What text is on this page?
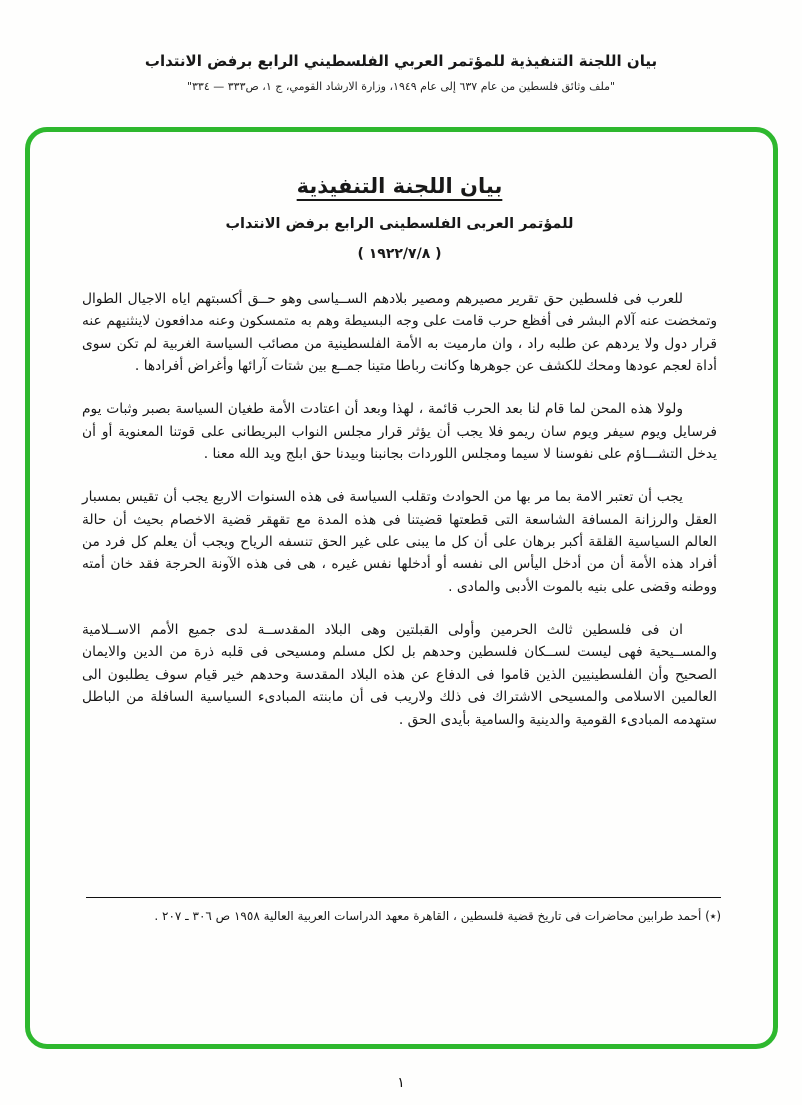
بيان اللجنة التنفيذية للمؤتمر العربي الفلسطيني الرابع برفض الانتداب
"ملف وثائق فلسطين من عام ٦٣٧ إلى عام ١٩٤٩، وزارة الارشاد القومي، ج ١، ص٣٣٣ — ٣٣٤"
بيان اللجنة التنفيذية
للمؤتمر العربى الفلسطينى الرابع برفض الانتداب
( ١٩٢٢/٧/٨ )

للعرب فى فلسطين حق تقرير مصيرهم ومصير بلادهم الســياسى وهو حــق أكسبتهم اياه الاجيال الطوال وتمخضت عنه آلام البشر فى أفظع حرب قامت على وجه البسيطة وهم به متمسكون وعنه مدافعون لاينثنيهم عنه قرار دول ولا يردهم عن طلبه راد ، وان مارميت به الأمة الفلسطينية من مصائب السياسة الغربية لم تكن سوى أداة لعجم عودها ومحك للكشف عن جوهرها وكانت رباطا متينا جمــع بين شتات آرائها وأغراض أفرادها .

ولولا هذه المحن لما قام لنا بعد الحرب قائمة ، لهذا وبعد أن اعتادت الأمة طغيان السياسة بصبر وثبات يوم فرسايل ويوم سيفر ويوم سان ريمو فلا يجب أن يؤثر قرار مجلس النواب البريطانى على قوتنا المعنوية أو أن يدخل التشـــاؤم على نفوسنا لا سيما ومجلس اللوردات بجانبنا وبيدنا حق ابلج ويد الله معنا .

يجب أن تعتبر الامة بما مر بها من الحوادث وتقلب السياسة فى هذه السنوات الاربع يجب أن تقيس بمسبار العقل والرزانة المسافة الشاسعة التى قطعتها قضيتنا فى هذه المدة مع تقهقر قضية الاخصام بحيث أن حالة العالم السياسية القلقة أكبر برهان على أن كل ما يبنى على غير الحق تنسفه الرياح ويجب أن يعلم كل فرد من أفراد هذه الأمة أن من أدخل اليأس الى نفسه أو أدخلها نفس غيره ، هى فى هذه الآونة الحرجة فقد خان أمته ووطنه وقضى على بنيه بالموت الأدبى والمادى .

ان فى فلسطين ثالث الحرمين وأولى القبلتين وهى البلاد المقدســة لدى جميع الأمم الاســلامية والمســيحية فهى ليست لســكان فلسطين وحدهم بل لكل مسلم ومسيحى فى قلبه ذرة من الدين والايمان الصحيح وأن الفلسطينيين الذين قاموا فى الدفاع عن هذه البلاد المقدسة وحدهم خير قيام سوف يطلبون الى العالمين الاسلامى والمسيحى الاشتراك فى ذلك ولاريب فى أن مابنته المبادىء السياسية السافلة من الباطل ستهدمه المبادىء القومية والدينية والسامية بأيدى الحق .

(٭) أحمد طرابين محاضرات فى تاريخ قضية فلسطين ، القاهرة معهد الدراسات العربية العالية ١٩٥٨ ص ٣٠٦ ـ ٢٠٧ .
١
